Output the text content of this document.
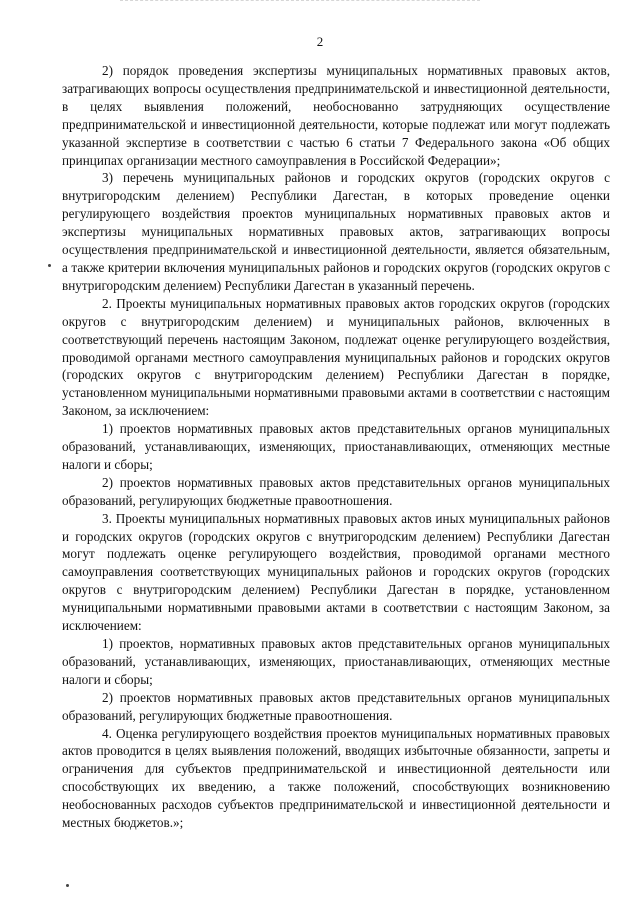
2

2) порядок проведения экспертизы муниципальных нормативных правовых актов, затрагивающих вопросы осуществления предпринимательской и инвестиционной деятельности, в целях выявления положений, необоснованно затрудняющих осуществление предпринимательской и инвестиционной деятельности, которые подлежат или могут подлежать указанной экспертизе в соответствии с частью 6 статьи 7 Федерального закона «Об общих принципах организации местного самоуправления в Российской Федерации»;

3) перечень муниципальных районов и городских округов (городских округов с внутригородским делением) Республики Дагестан, в которых проведение оценки регулирующего воздействия проектов муниципальных нормативных правовых актов и экспертизы муниципальных нормативных правовых актов, затрагивающих вопросы осуществления предпринимательской и инвестиционной деятельности, является обязательным, а также критерии включения муниципальных районов и городских округов (городских округов с внутригородским делением) Республики Дагестан в указанный перечень.

2. Проекты муниципальных нормативных правовых актов городских округов (городских округов с внутригородским делением) и муниципальных районов, включенных в соответствующий перечень настоящим Законом, подлежат оценке регулирующего воздействия, проводимой органами местного самоуправления муниципальных районов и городских округов (городских округов с внутригородским делением) Республики Дагестан в порядке, установленном муниципальными нормативными правовыми актами в соответствии с настоящим Законом, за исключением:

1) проектов нормативных правовых актов представительных органов муниципальных образований, устанавливающих, изменяющих, приостанавливающих, отменяющих местные налоги и сборы;

2) проектов нормативных правовых актов представительных органов муниципальных образований, регулирующих бюджетные правоотношения.

3. Проекты муниципальных нормативных правовых актов иных муниципальных районов и городских округов (городских округов с внутригородским делением) Республики Дагестан могут подлежать оценке регулирующего воздействия, проводимой органами местного самоуправления соответствующих муниципальных районов и городских округов (городских округов с внутригородским делением) Республики Дагестан в порядке, установленном муниципальными нормативными правовыми актами в соответствии с настоящим Законом, за исключением:

1) проектов, нормативных правовых актов представительных органов муниципальных образований, устанавливающих, изменяющих, приостанавливающих, отменяющих местные налоги и сборы;

2) проектов нормативных правовых актов представительных органов муниципальных образований, регулирующих бюджетные правоотношения.

4. Оценка регулирующего воздействия проектов муниципальных нормативных правовых актов проводится в целях выявления положений, вводящих избыточные обязанности, запреты и ограничения для субъектов предпринимательской и инвестиционной деятельности или способствующих их введению, а также положений, способствующих возникновению необоснованных расходов субъектов предпринимательской и инвестиционной деятельности и местных бюджетов.»;
